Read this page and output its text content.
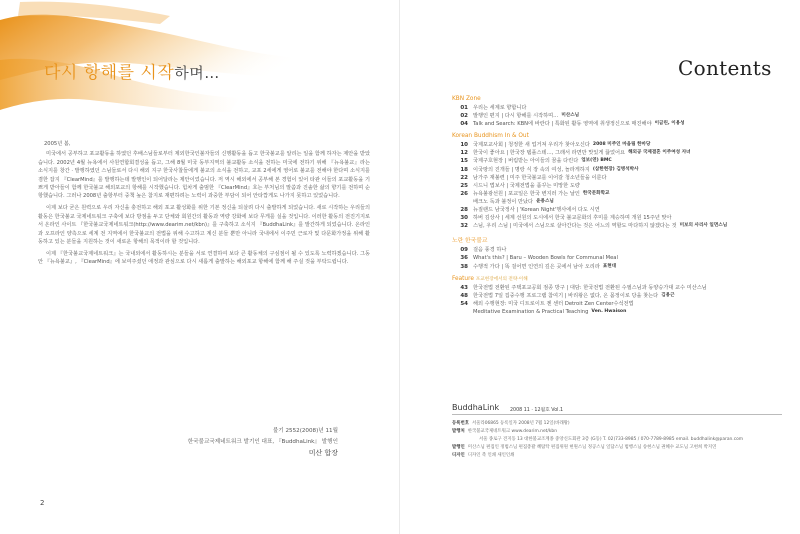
다시 항해를 시작하며…

2005년 봄,

미국에서 공부하고 포교활동을 하였던 후배스님들로부터 제외한국인불자들의 신행활동을 돕고 한국불교를 알리는 일을 함께 하자는 제안을 받았습니다. 2002년 4월 뉴욕에서 사원연합회결성을 돕고, 그해 8월 미국 동부지역의 불교활동 소식을 전하는 미국에 전하기 위해 『뉴욕불교』라는 소식지를 창간 · 발행하였던 스님들로서 다시 해외 지구 한국사찰들에게 불교의 소식을 전하고, 교포 2세에게 영어로 불교를 전해야 한다며 소식지를 겸한 잡지 『ClearMind』를 발행하는데 발행인이 되어달라는 제안이었습니다. 저 역시 해외에서 공부해 본 경험이 있어 타관 이들의 포교활동을 기쁘게 받아들이 함께 한국불교 해외포교의 항해를 시작했습니다. 힘차게 출범한 『ClearMind』호는 부처님의 말씀과 진솔한 삶의 향기를 전하며 순항했습니다. 그러나 2008년 출항부터 중책 높은 참지로 재편하려는 노력이 과중한 부담이 되어 안타깝게도 나가지 못하고 있었습니다.

이제 보다 굳은 원력으로 우리 자신을 충전하고 해외 포교 활성화를 위한 기본 정신을 되살려 다시 출발하게 되었습니다. 새로 시작하는 우리들의 활동은 한국불교 국제네트워크 구축에 보다 방점을 두고 단체와 회원간의 활동과 역량 강화에 보다 무게를 실을 것입니다. 이러한 활동의 전진기지로서 온라인 사이트 『한국불교국제네트워크(http://www.dearim.net/kbn)』를 구축하고 소식지 『BuddhaLink』를 발간하게 되었습니다. 온라인과 오프라인 양측으로 세계 전 지역에서 한국불교의 전법을 위해 수고하고 계신 분들 뿐만 아니라 국내에서 이주민 근로자 및 다문화가정을 위해 활동하고 있는 분들을 지원하는 것이 새로운 항해의 목적이라 할 것입니다.

이제 『한국불교국제네트워크』는 국내외에서 활동하시는 분들을 서로 연결하여 보다 큰 활동체의 구심점이 될 수 있도록 노력하겠습니다. 그동안 『뉴욕불교』, 『ClearMind』에 보여주셨던 애정과 관심으로 다시 새롭게 출발하는 해외포교 항해에 함께 해 주실 것을 부탁드립니다.

불기 2552(2008)년 11월
한국불교국제네트워크 발기인 대표, 『BuddhaLink』 발행인
미산 합장
2
Contents
KBN Zone
01 우리는 세계로 향합니다
02 발행인 편지 | 다시 항해를 시작하며… 미산스님
04 Talk and Search: KBN에 바란다 | 특화된 활동 영역에 취생정신으로 매진해야 이금린, 이용성
Korean Buddhism In & Out
10 국제포교사회 | 청정한 새 업거져 우리가 찾아오신다 2008 미주인 마음림 한마당
12 한국이 좋아요 | 한국장 템플스테…, 그래서 라면만 맛있게 끓었어요 해외공 국제결혼 이주여성 자녀
15 국제구호현장 | 버림받는 아이들의 꿈을 다린다 업보(연) BMC
18 이국땅의 진개들 | 명랑 식 장 속의 여성, 놀라게하지 (삼한현장) 김병석박사
22 남가주 재불련 | 미주 한국불교를 이어갈 청소년들을 이룬다
25 시드니 법보사 | 국제전법을 품꾸는 미망한 도량
26 뉴욕불광선원 | 포교일은 한국 변지러 가는 날인 한국문화학교
배크노 독과 불정이 만났다 윤용스님
28 뉴질랜드 남국정사 | 'Korean Night'행사에서 다도 시연
30 하버 김상사 | 세계 선원의 도시에서 한국 불교문화의 후미를 계승하며 개원 15주년 맞아
32 스님, 우리 스님 | 미국에서 스님으로 살아간다는 것은 어느의 역할도 마다하지 않겠다는 것 미보의 사리사 일면스님
노란 한국불교
09 걸음 풍경 하나
36 What's this? | Baru – Wooden Bowls for Communal Meal
38 수행적 가다 | 똑 걸어면 인연의 깊은 곳에서 남아 오리라 표현대
Feature 포교현장에서의 전략·이해
43 한국전법 전환된 주택포교공회 점종 방구 | 대담: 한국전법 전환된 수필스님과 동양승가대 교수 미산스님
48 한국전법 7일 집중수행 프로그램 참여기 | 바리왕은 없다, 온 몸정이로 당을 찾는다 김용근
54 해외 수행현장: 미국 디트로이트 젠 센터 Detroit Zen Center수석전법
Meditative Examination & Practical Teaching Ven. Hwaison
BuddhaLink 2008 11 · 12월호 Vol.1
등록번호 서울라06865 등록일자 2008년 7월 12일(바래왕)
발행처 한국불교국제네트워크 www.dearim.net/kbn
서울 종로구 견지동 13 대한불교조계종 중앙신도회관 3층 (G동) T. 02)733-8985 / 070-7789-8985 email. buddhalink@paran.com
발행인 미산스님 편집인 정범스님 편집총괄 혜탐탁 편집위원 현원스님 정공스님 일담스님 범행스님 송현스님 권혜수 교도님 고현희 박지연
디자인 디자인 촉 인쇄 새인인쇄
